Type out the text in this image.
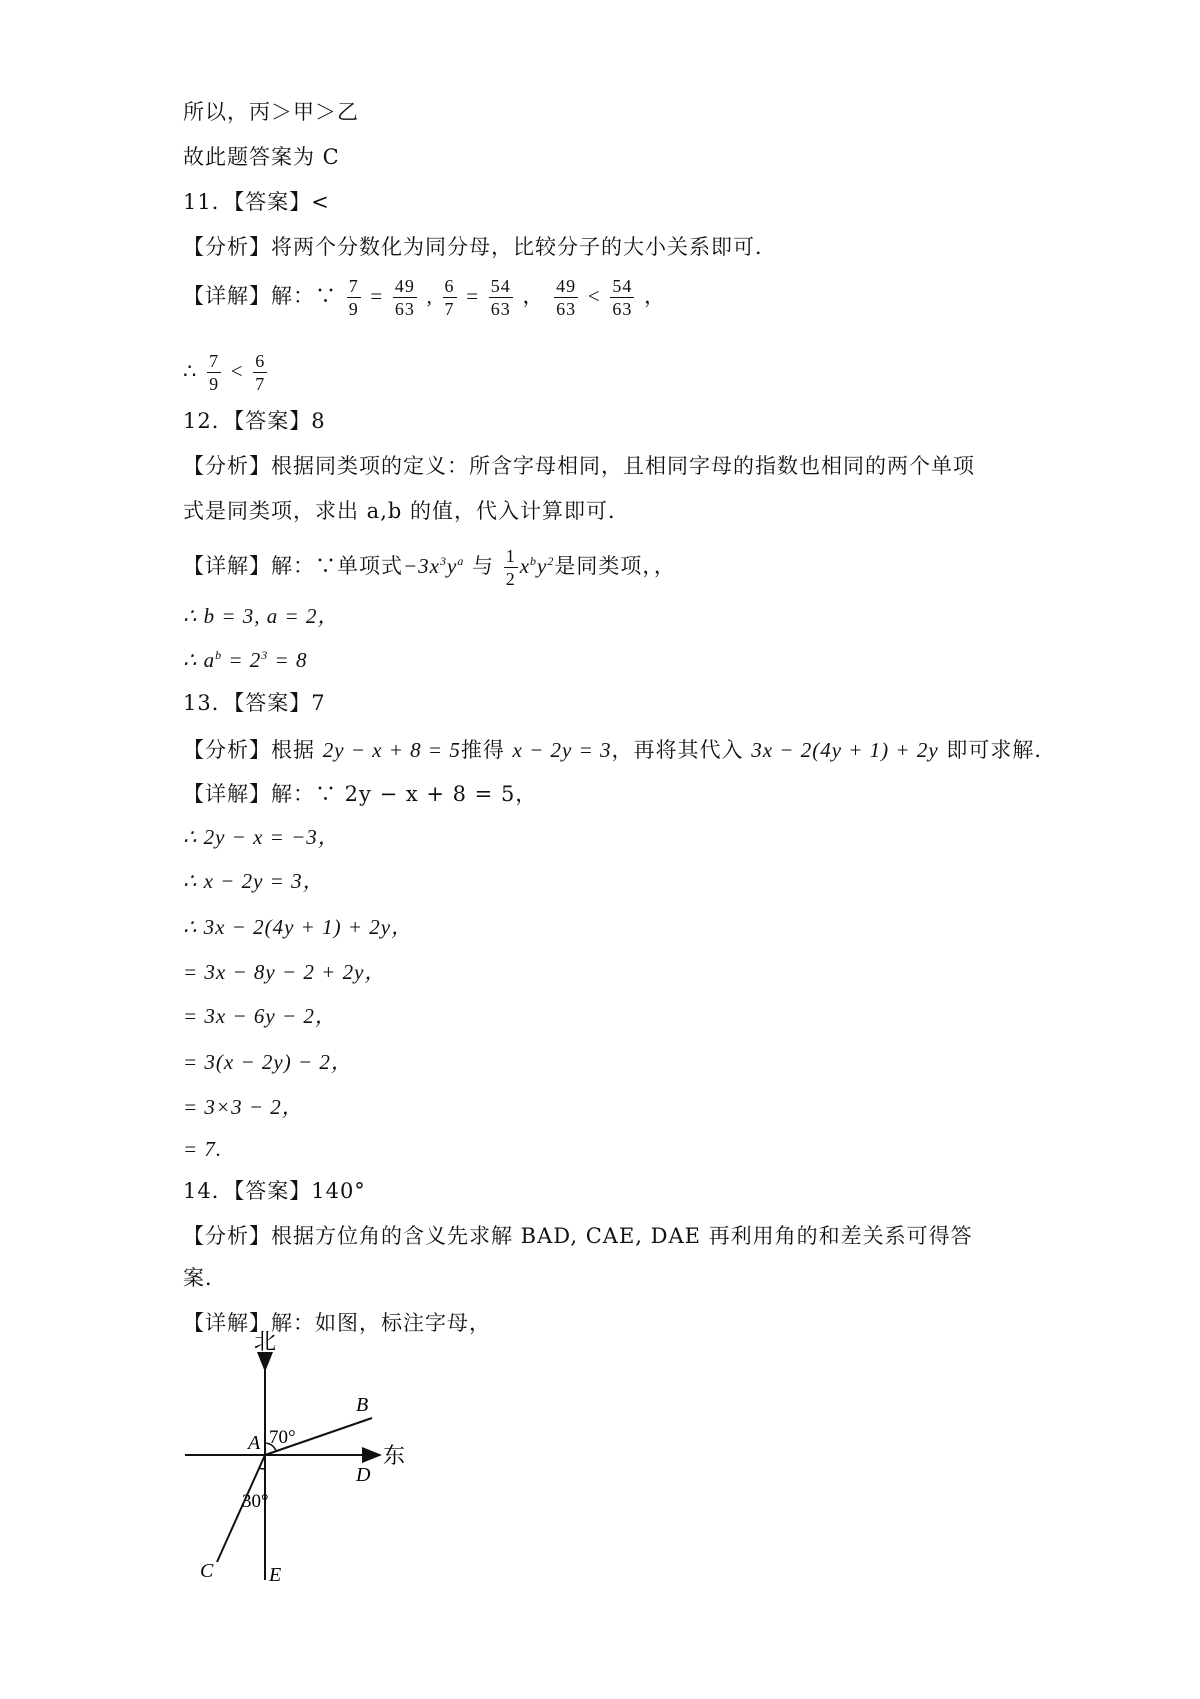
所以，丙＞甲＞乙
故此题答案为 C
11．【答案】<
【分析】将两个分数化为同分母，比较分子的大小关系即可．
【详解】解：∵ $\frac{7}{9} = \frac{49}{63}$ , $\frac{6}{7} = \frac{54}{63}$ ， $\frac{49}{63} < \frac{54}{63}$ ，
∴ $\frac{7}{9} < \frac{6}{7}$
12．【答案】8
【分析】根据同类项的定义：所含字母相同，且相同字母的指数也相同的两个单项
式是同类项，求出 a,b 的值，代入计算即可．
【详解】解：∵单项式$-3x^3y^a$ 与 $\frac{1}{2} x^by^2$是同类项，，
∴ b = 3, a = 2，
∴ $a^b = 2^3 = 8$
13．【答案】7
【分析】根据 2y − x + 8 = 5推得 x − 2y = 3，再将其代入 3x − 2(4y + 1) + 2y 即可求解．
【详解】解：∵ 2y − x + 8 = 5，
∴ 2y − x = −3，
∴ x − 2y = 3，
∴ 3x − 2(4y + 1) + 2y，
= 3x − 8y − 2 + 2y，
= 3x − 6y − 2，
= 3(x − 2y) − 2，
= 3×3 − 2，
= 7.
14．【答案】140°
【分析】根据方位角的含义先求解 BAD, CAE, DAE 再利用角的和差关系可得答
案．
【详解】解：如图，标注字母，
北
东
A
B
C
D
E
70°
30°
